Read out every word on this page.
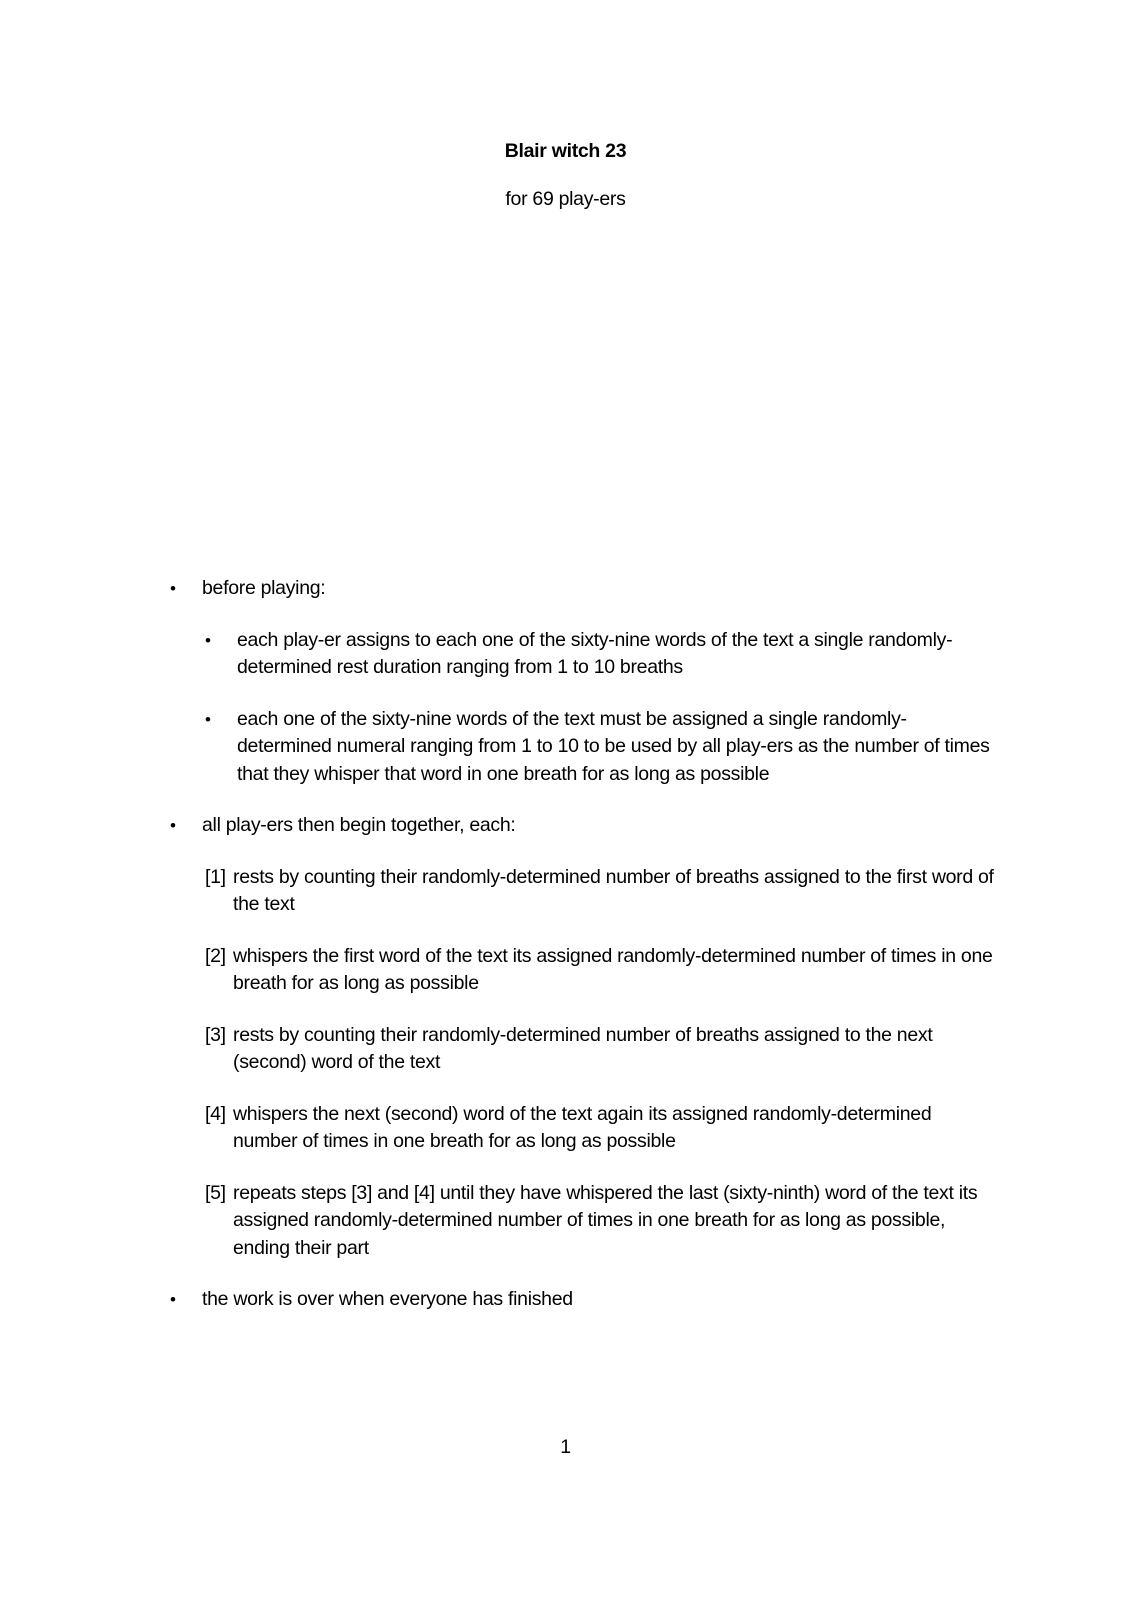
Blair witch 23

for 69 play-ers

• before playing:
• each play-er assigns to each one of the sixty-nine words of the text a single randomly-determined rest duration ranging from 1 to 10 breaths
• each one of the sixty-nine words of the text must be assigned a single randomly-determined numeral ranging from 1 to 10 to be used by all play-ers as the number of times that they whisper that word in one breath for as long as possible
• all play-ers then begin together, each:
[1] rests by counting their randomly-determined number of breaths assigned to the first word of the text
[2] whispers the first word of the text its assigned randomly-determined number of times in one breath for as long as possible
[3] rests by counting their randomly-determined number of breaths assigned to the next (second) word of the text
[4] whispers the next (second) word of the text again its assigned randomly-determined number of times in one breath for as long as possible
[5] repeats steps [3] and [4] until they have whispered the last (sixty-ninth) word of the text its assigned randomly-determined number of times in one breath for as long as possible, ending their part
• the work is over when everyone has finished
1
